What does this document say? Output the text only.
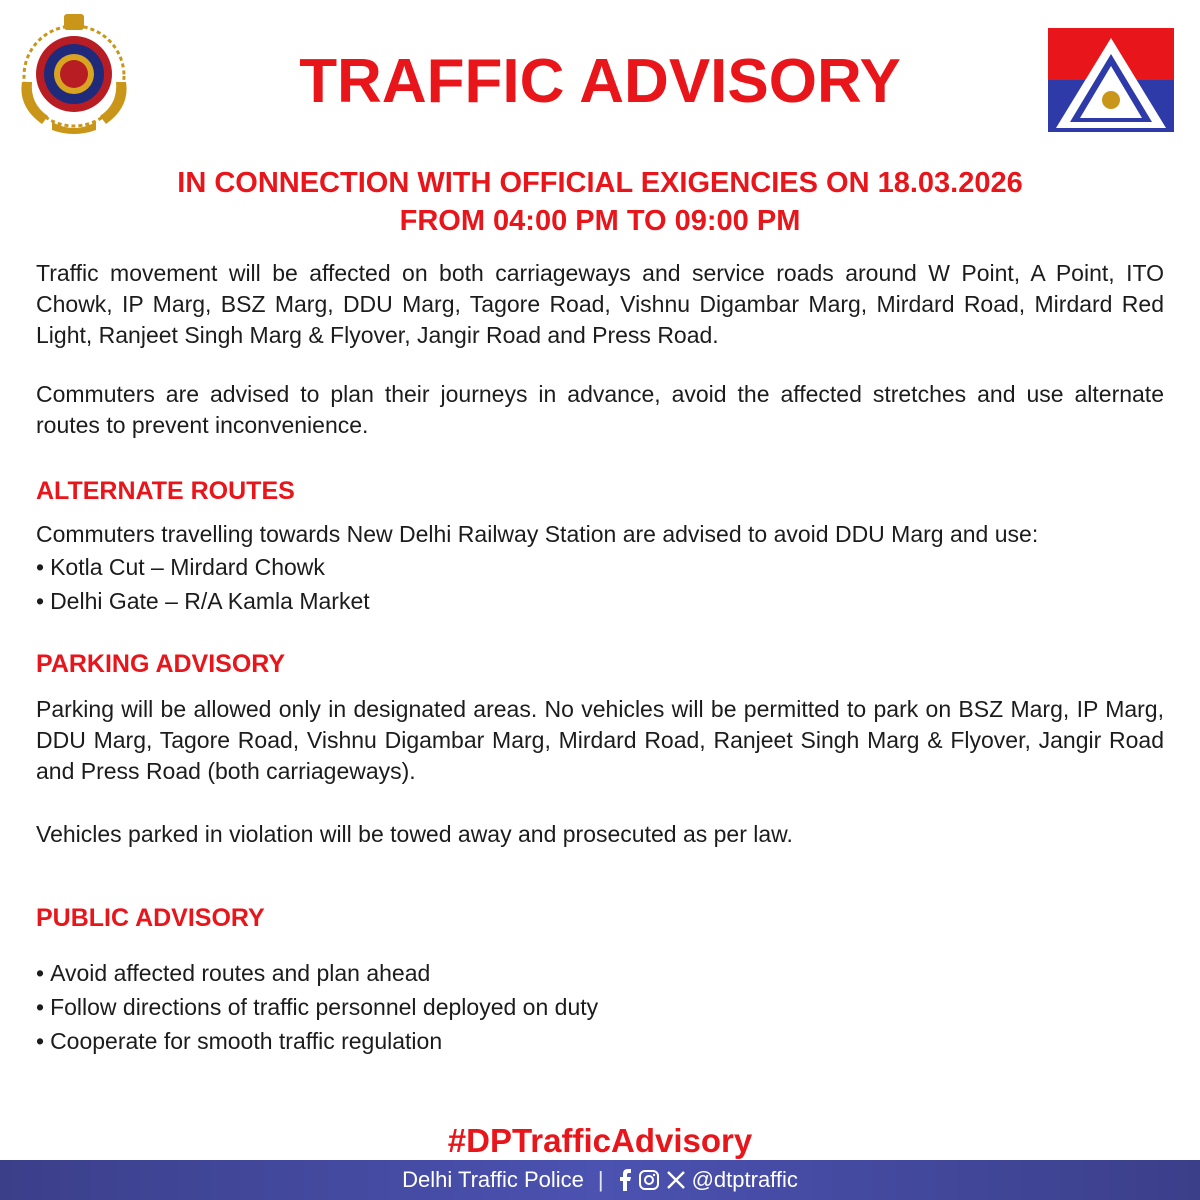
TRAFFIC ADVISORY
IN CONNECTION WITH OFFICIAL EXIGENCIES ON 18.03.2026
FROM 04:00 PM TO 09:00 PM

Traffic movement will be affected on both carriageways and service roads around W Point, A Point, ITO Chowk, IP Marg, BSZ Marg, DDU Marg, Tagore Road, Vishnu Digambar Marg, Mirdard Road, Mirdard Red Light, Ranjeet Singh Marg & Flyover, Jangir Road and Press Road.

Commuters are advised to plan their journeys in advance, avoid the affected stretches and use alternate routes to prevent inconvenience.

ALTERNATE ROUTES

Commuters travelling towards New Delhi Railway Station are advised to avoid DDU Marg and use:

• Kotla Cut – Mirdard Chowk

• Delhi Gate – R/A Kamla Market

PARKING ADVISORY

Parking will be allowed only in designated areas. No vehicles will be permitted to park on BSZ Marg, IP Marg, DDU Marg, Tagore Road, Vishnu Digambar Marg, Mirdard Road, Ranjeet Singh Marg & Flyover, Jangir Road and Press Road (both carriageways).

Vehicles parked in violation will be towed away and prosecuted as per law.

PUBLIC ADVISORY

• Avoid affected routes and plan ahead

• Follow directions of traffic personnel deployed on duty

• Cooperate for smooth traffic regulation

#DPTrafficAdvisory
Delhi Traffic Police |	@dtptraffic
